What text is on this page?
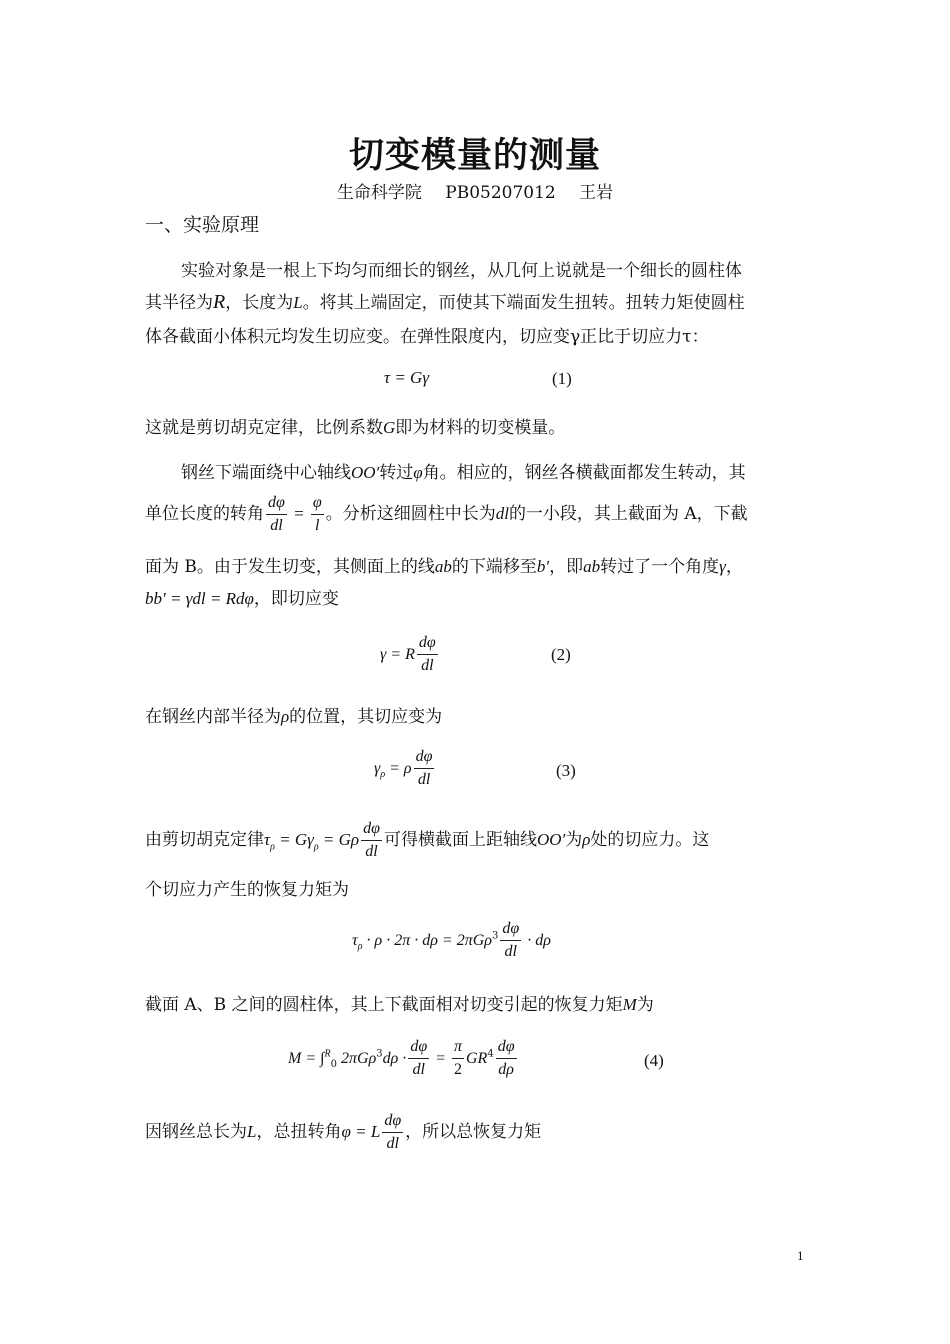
切变模量的测量
生命科学院 PB05207012 王岩
一、实验原理
实验对象是一根上下均匀而细长的钢丝，从几何上说就是一个细长的圆柱体
其半径为R，长度为L。将其上端固定，而使其下端面发生扭转。扭转力矩使圆柱
体各截面小体积元均发生切应变。在弹性限度内，切应变γ正比于切应力τ：
τ = Gγ	(1)
这就是剪切胡克定律，比例系数G即为材料的切变模量。
钢丝下端面绕中心轴线OO′转过φ角。相应的，钢丝各横截面都发生转动，其
单位长度的转角 $\frac{d\varphi}{dl} = \frac{\varphi}{l}$ 。分析这细圆柱中长为dl的一小段，其上截面为 A，下截
面为 B。由于发生切变，其侧面上的线ab的下端移至b′，即ab转过了一个角度γ，
bb′ = γdl = Rdφ，即切应变
γ = R $\frac{d\varphi}{dl}$	(2)
在钢丝内部半径为ρ的位置，其切应变为
$\gamma_\rho = \rho \frac{d\varphi}{dl}$	(3)
由剪切胡克定律$\tau_\rho = G\gamma_\rho = G\rho \frac{d\varphi}{dl}$ 可得横截面上距轴线OO′为ρ处的切应力。这
个切应力产生的恢复力矩为
$\tau_\rho \cdot \rho \cdot 2\pi \cdot d\rho = 2\pi G\rho^3 \frac{d\varphi}{dl} \cdot d\rho$
截面 A、B 之间的圆柱体，其上下截面相对切变引起的恢复力矩M为
M = ∫$^R_0$ $2\pi G\rho^3d\rho \cdot \frac{d\varphi}{dl} = \frac{\pi}{2} GR^4 \frac{d\varphi}{d\rho}$	(4)
因钢丝总长为L，总扭转角φ = L $\frac{d\varphi}{dl}$ ，所以总恢复力矩
1
